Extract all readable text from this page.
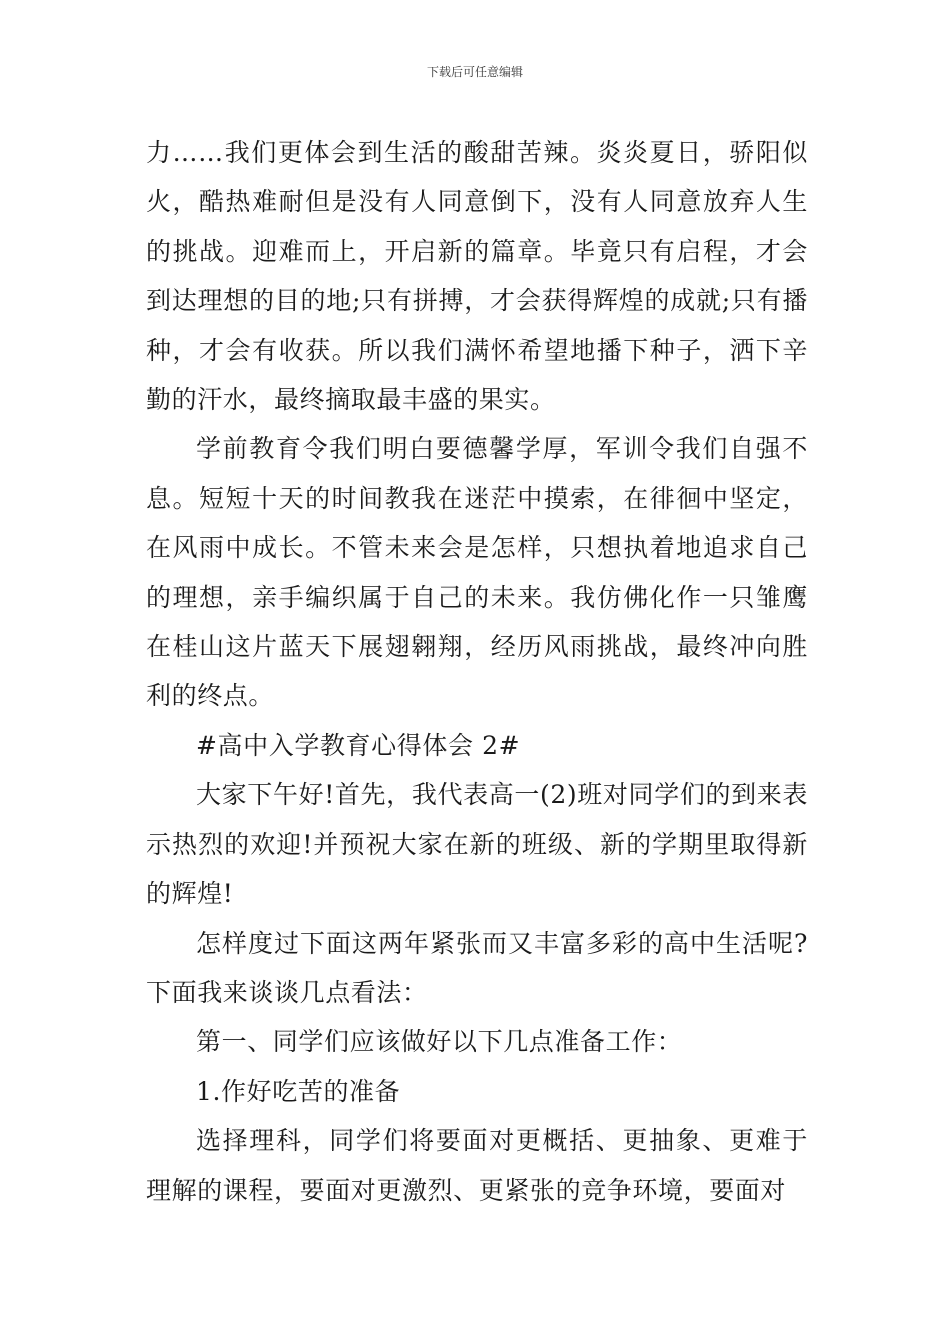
下载后可任意编辑

力……我们更体会到生活的酸甜苦辣。炎炎夏日，骄阳似火，酷热难耐但是没有人同意倒下，没有人同意放弃人生的挑战。迎难而上，开启新的篇章。毕竟只有启程，才会到达理想的目的地;只有拼搏，才会获得辉煌的成就;只有播种，才会有收获。所以我们满怀希望地播下种子，洒下辛勤的汗水，最终摘取最丰盛的果实。

学前教育令我们明白要德馨学厚，军训令我们自强不息。短短十天的时间教我在迷茫中摸索，在徘徊中坚定，在风雨中成长。不管未来会是怎样，只想执着地追求自己的理想，亲手编织属于自己的未来。我仿佛化作一只雏鹰在桂山这片蓝天下展翅翱翔，经历风雨挑战，最终冲向胜利的终点。

#高中入学教育心得体会 2#

大家下午好!首先，我代表高一(2)班对同学们的到来表示热烈的欢迎!并预祝大家在新的班级、新的学期里取得新的辉煌!

怎样度过下面这两年紧张而又丰富多彩的高中生活呢?下面我来谈谈几点看法：

第一、同学们应该做好以下几点准备工作：

1.作好吃苦的准备

选择理科，同学们将要面对更概括、更抽象、更难于理解的课程，要面对更激烈、更紧张的竞争环境，要面对
